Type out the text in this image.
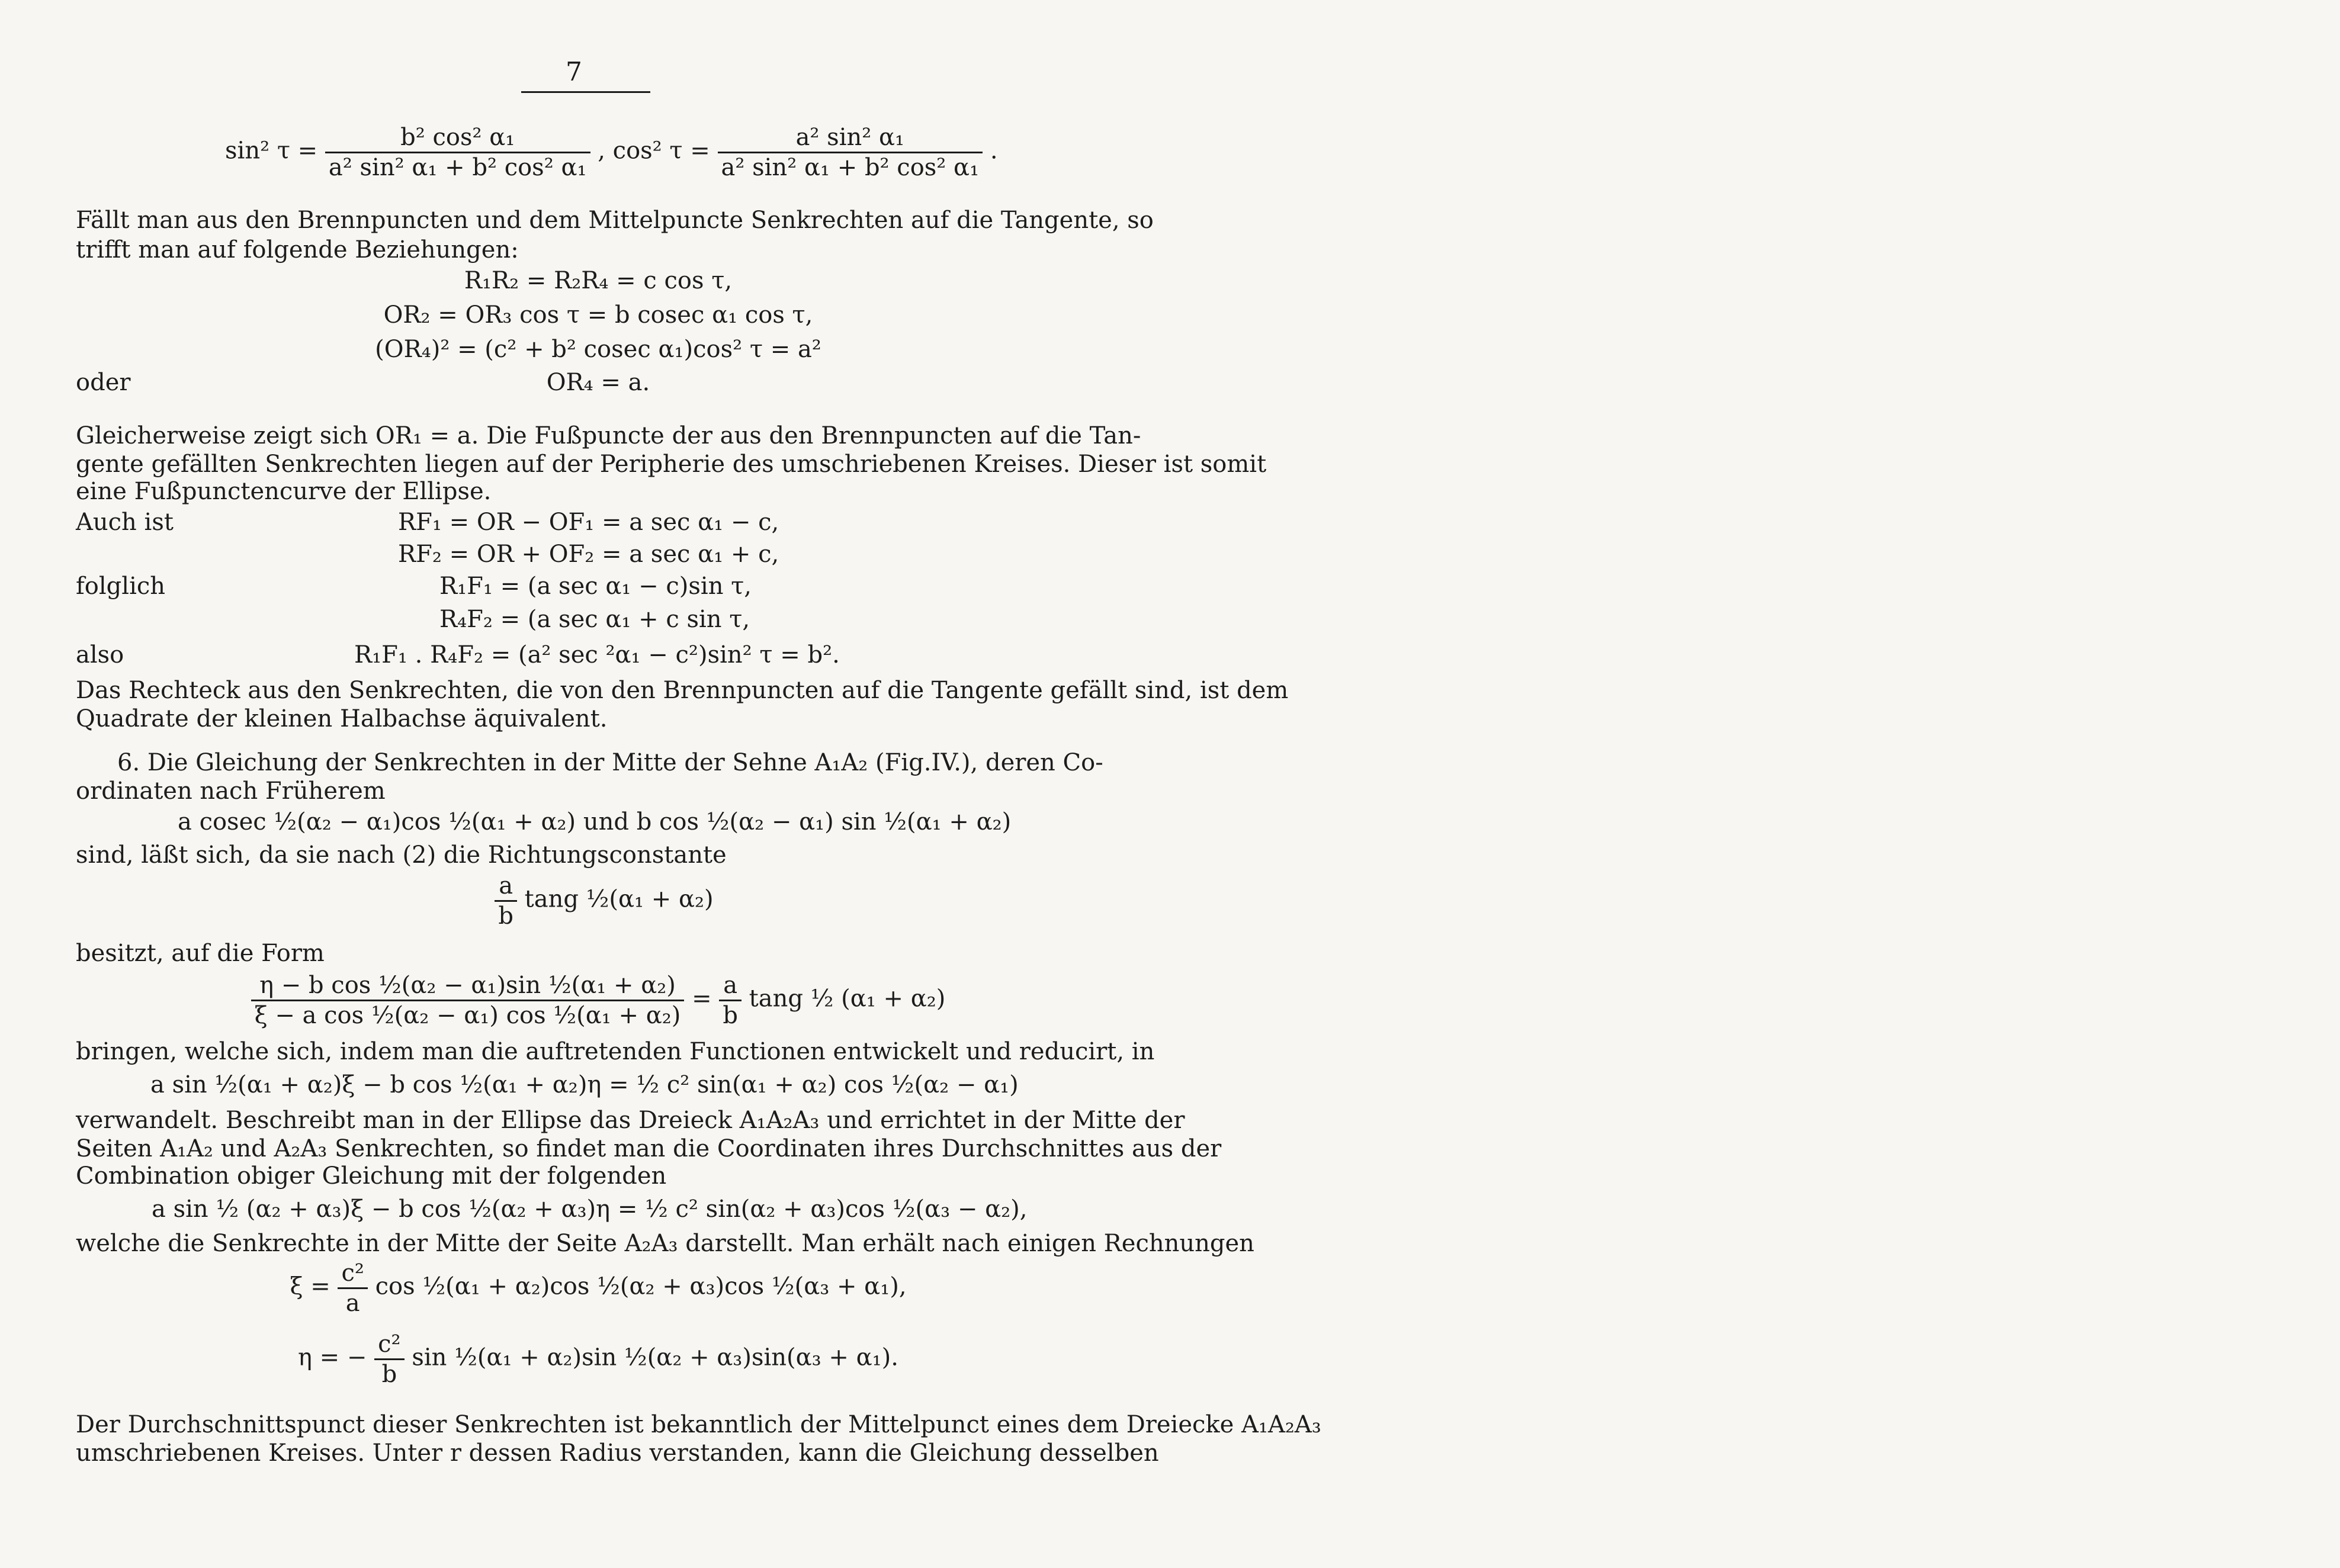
7
sin² $\tau = \frac{\text{b² cos² α₁}}{\text{a² sin² α₁ + b² cos² α₁}}$ , cos² $\tau = \frac{\text{a² sin² α₁}}{\text{a² sin² α₁ + b² cos² α₁}}$ .
Fällt man aus den Brennpuncten und dem Mittelpuncte Senkrechten auf die Tangente, so
trifft man auf folgende Beziehungen:
R₁R₂ = R₂R₄ = c cos τ,
OR₂ = OR₃ cos τ = b cosec α₁ cos τ,
(OR₄)² = (c² + b² cosec α₁)cos² τ = a²
oder	OR₄ = a.
Gleicherweise zeigt sich OR₁ = a. Die Fußpuncte der aus den Brennpuncten auf die Tan-
gente gefällten Senkrechten liegen auf der Peripherie des umschriebenen Kreises. Dieser ist somit
eine Fußpunctencurve der Ellipse.
Auch ist	RF₁ = OR − OF₁ = a sec α₁ − c,
RF₂ = OR + OF₂ = a sec α₁ + c,
folglich	R₁F₁ = (a sec α₁ − c)sin τ,
R₄F₂ = (a sec α₁ + c sin τ,
also	R₁F₁ . R₄F₂ = (a² sec ²α₁ − c²)sin² τ = b².
Das Rechteck aus den Senkrechten, die von den Brennpuncten auf die Tangente gefällt sind, ist dem
Quadrate der kleinen Halbachse äquivalent.
6. Die Gleichung der Senkrechten in der Mitte der Sehne A₁A₂ (Fig.IV.), deren Co-
ordinaten nach Früherem
a cosec ½(α₂ − α₁)cos ½(α₁ + α₂) und b cos ½(α₂ − α₁) sin ½(α₁ + α₂)
sind, läßt sich, da sie nach (2) die Richtungsconstante
$\frac{a}{b}$ tang ½(α₁ + α₂)
besitzt, auf die Form
$\frac{\text{η − b cos ½(α₂ − α₁)sin ½(α₁ + α₂)}}{\text{ξ − a cos ½(α₂ − α₁) cos ½(α₁ + α₂)}} = \frac{a}{b}$ tang ½ (α₁ + α₂)
bringen, welche sich, indem man die auftretenden Functionen entwickelt und reducirt, in
a sin ½(α₁ + α₂)ξ − b cos ½(α₁ + α₂)η = ½ c² sin(α₁ + α₂) cos ½(α₂ − α₁)
verwandelt. Beschreibt man in der Ellipse das Dreieck A₁A₂A₃ und errichtet in der Mitte der
Seiten A₁A₂ und A₂A₃ Senkrechten, so findet man die Coordinaten ihres Durchschnittes aus der
Combination obiger Gleichung mit der folgenden
a sin ½ (α₂ + α₃)ξ − b cos ½(α₂ + α₃)η = ½ c² sin(α₂ + α₃)cos ½(α₃ − α₂),
welche die Senkrechte in der Mitte der Seite A₂A₃ darstellt. Man erhält nach einigen Rechnungen
$\xi = \frac{\text{c²}}{a}$ cos ½(α₁ + α₂)cos ½(α₂ + α₃)cos ½(α₃ + α₁),
η = − $\frac{\text{c²}}{b}$ sin ½(α₁ + α₂)sin ½(α₂ + α₃)sin(α₃ + α₁).
Der Durchschnittspunct dieser Senkrechten ist bekanntlich der Mittelpunct eines dem Dreiecke A₁A₂A₃
umschriebenen Kreises. Unter r dessen Radius verstanden, kann die Gleichung desselben
